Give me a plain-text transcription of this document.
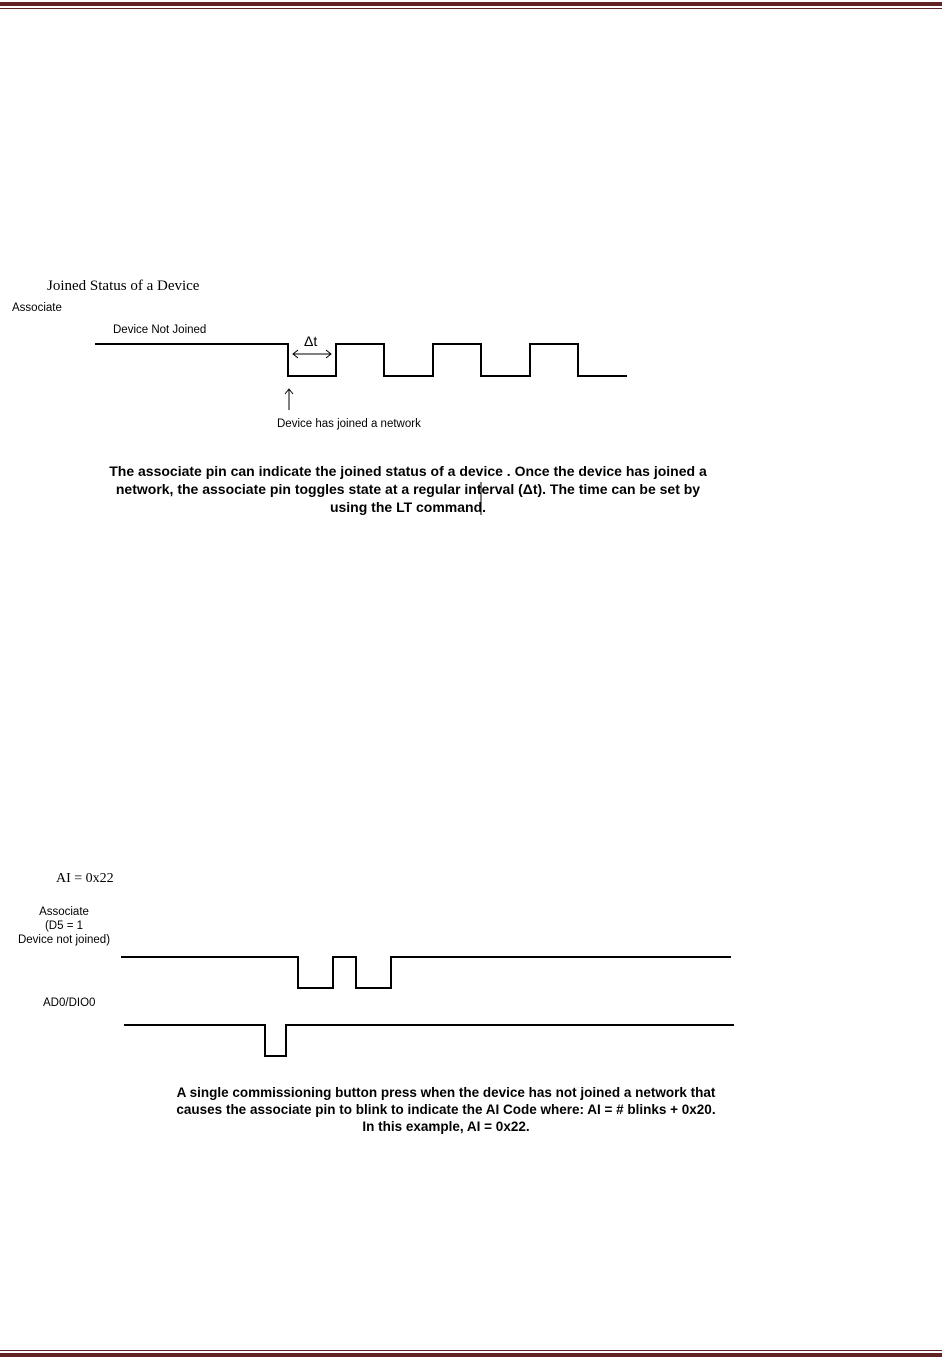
Joined Status of a Device
Associate
Device Not Joined
Δt
Device has joined a network
The associate pin can indicate the joined status of a device . Once the device has joined a
network, the associate pin toggles state at a regular interval (Δt). The time can be set by
using the LT command.
AI = 0x22
Associate
(D5 = 1
Device not joined)
AD0/DIO0
A single commissioning button press when the device has not joined a network that
causes the associate pin to blink to indicate the AI Code where: AI = # blinks + 0x20.
In this example, AI = 0x22.
